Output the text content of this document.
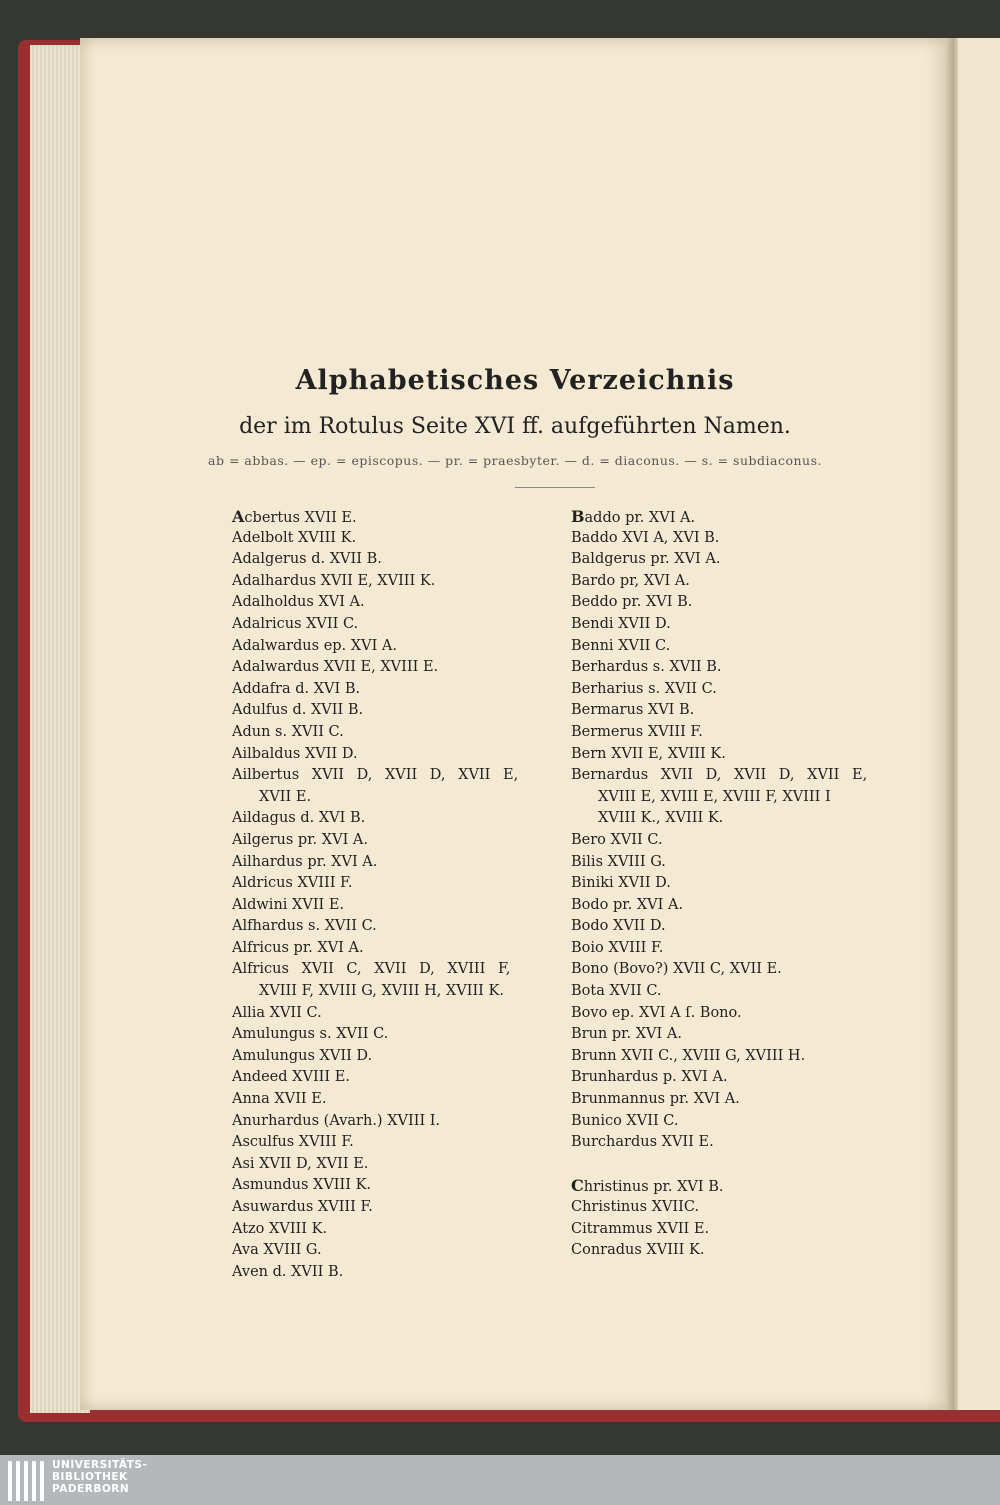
Alphabetisches Verzeichnis
der im Rotulus Seite XVI ff. aufgeführten Namen.
ab = abbas. — ep. = episcopus. — pr. = praesbyter. — d. = diaconus. — s. = subdiaconus.
Acbertus XVII E.
Adelbolt XVIII K.
Adalgerus d. XVII B.
Adalhardus XVII E, XVIII K.
Adalholdus XVI A.
Adalricus XVII C.
Adalwardus ep. XVI A.
Adalwardus XVII E, XVIII E.
Addafra d. XVI B.
Adulfus d. XVII B.
Adun s. XVII C.
Ailbaldus XVII D.
Ailbertus XVII D, XVII D, XVII E,
XVII E.
Aildagus d. XVI B.
Ailgerus pr. XVI A.
Ailhardus pr. XVI A.
Aldricus XVIII F.
Aldwini XVII E.
Alfhardus s. XVII C.
Alfricus pr. XVI A.
Alfricus XVII C, XVII D, XVIII F,
XVIII F, XVIII G, XVIII H, XVIII K.
Allia XVII C.
Amulungus s. XVII C.
Amulungus XVII D.
Andeed XVIII E.
Anna XVII E.
Anurhardus (Avarh.) XVIII I.
Asculfus XVIII F.
Asi XVII D, XVII E.
Asmundus XVIII K.
Asuwardus XVIII F.
Atzo XVIII K.
Ava XVIII G.
Aven d. XVII B.
Baddo pr. XVI A.
Baddo XVI A, XVI B.
Baldgerus pr. XVI A.
Bardo pr, XVI A.
Beddo pr. XVI B.
Bendi XVII D.
Benni XVII C.
Berhardus s. XVII B.
Berharius s. XVII C.
Bermarus XVI B.
Bermerus XVIII F.
Bern XVII E, XVIII K.
Bernardus XVII D, XVII D, XVII E,
XVIII E, XVIII E, XVIII F, XVIII I
XVIII K., XVIII K.
Bero XVII C.
Bilis XVIII G.
Biniki XVII D.
Bodo pr. XVI A.
Bodo XVII D.
Boio XVIII F.
Bono (Bovo?) XVII C, XVII E.
Bota XVII C.
Bovo ep. XVI A ſ. Bono.
Brun pr. XVI A.
Brunn XVII C., XVIII G, XVIII H.
Brunhardus p. XVI A.
Brunmannus pr. XVI A.
Bunico XVII C.
Burchardus XVII E.
Christinus pr. XVI B.
Christinus XVIIC.
Citrammus XVII E.
Conradus XVIII K.
UNIVERSITÄTS-
BIBLIOTHEK
PADERBORN
